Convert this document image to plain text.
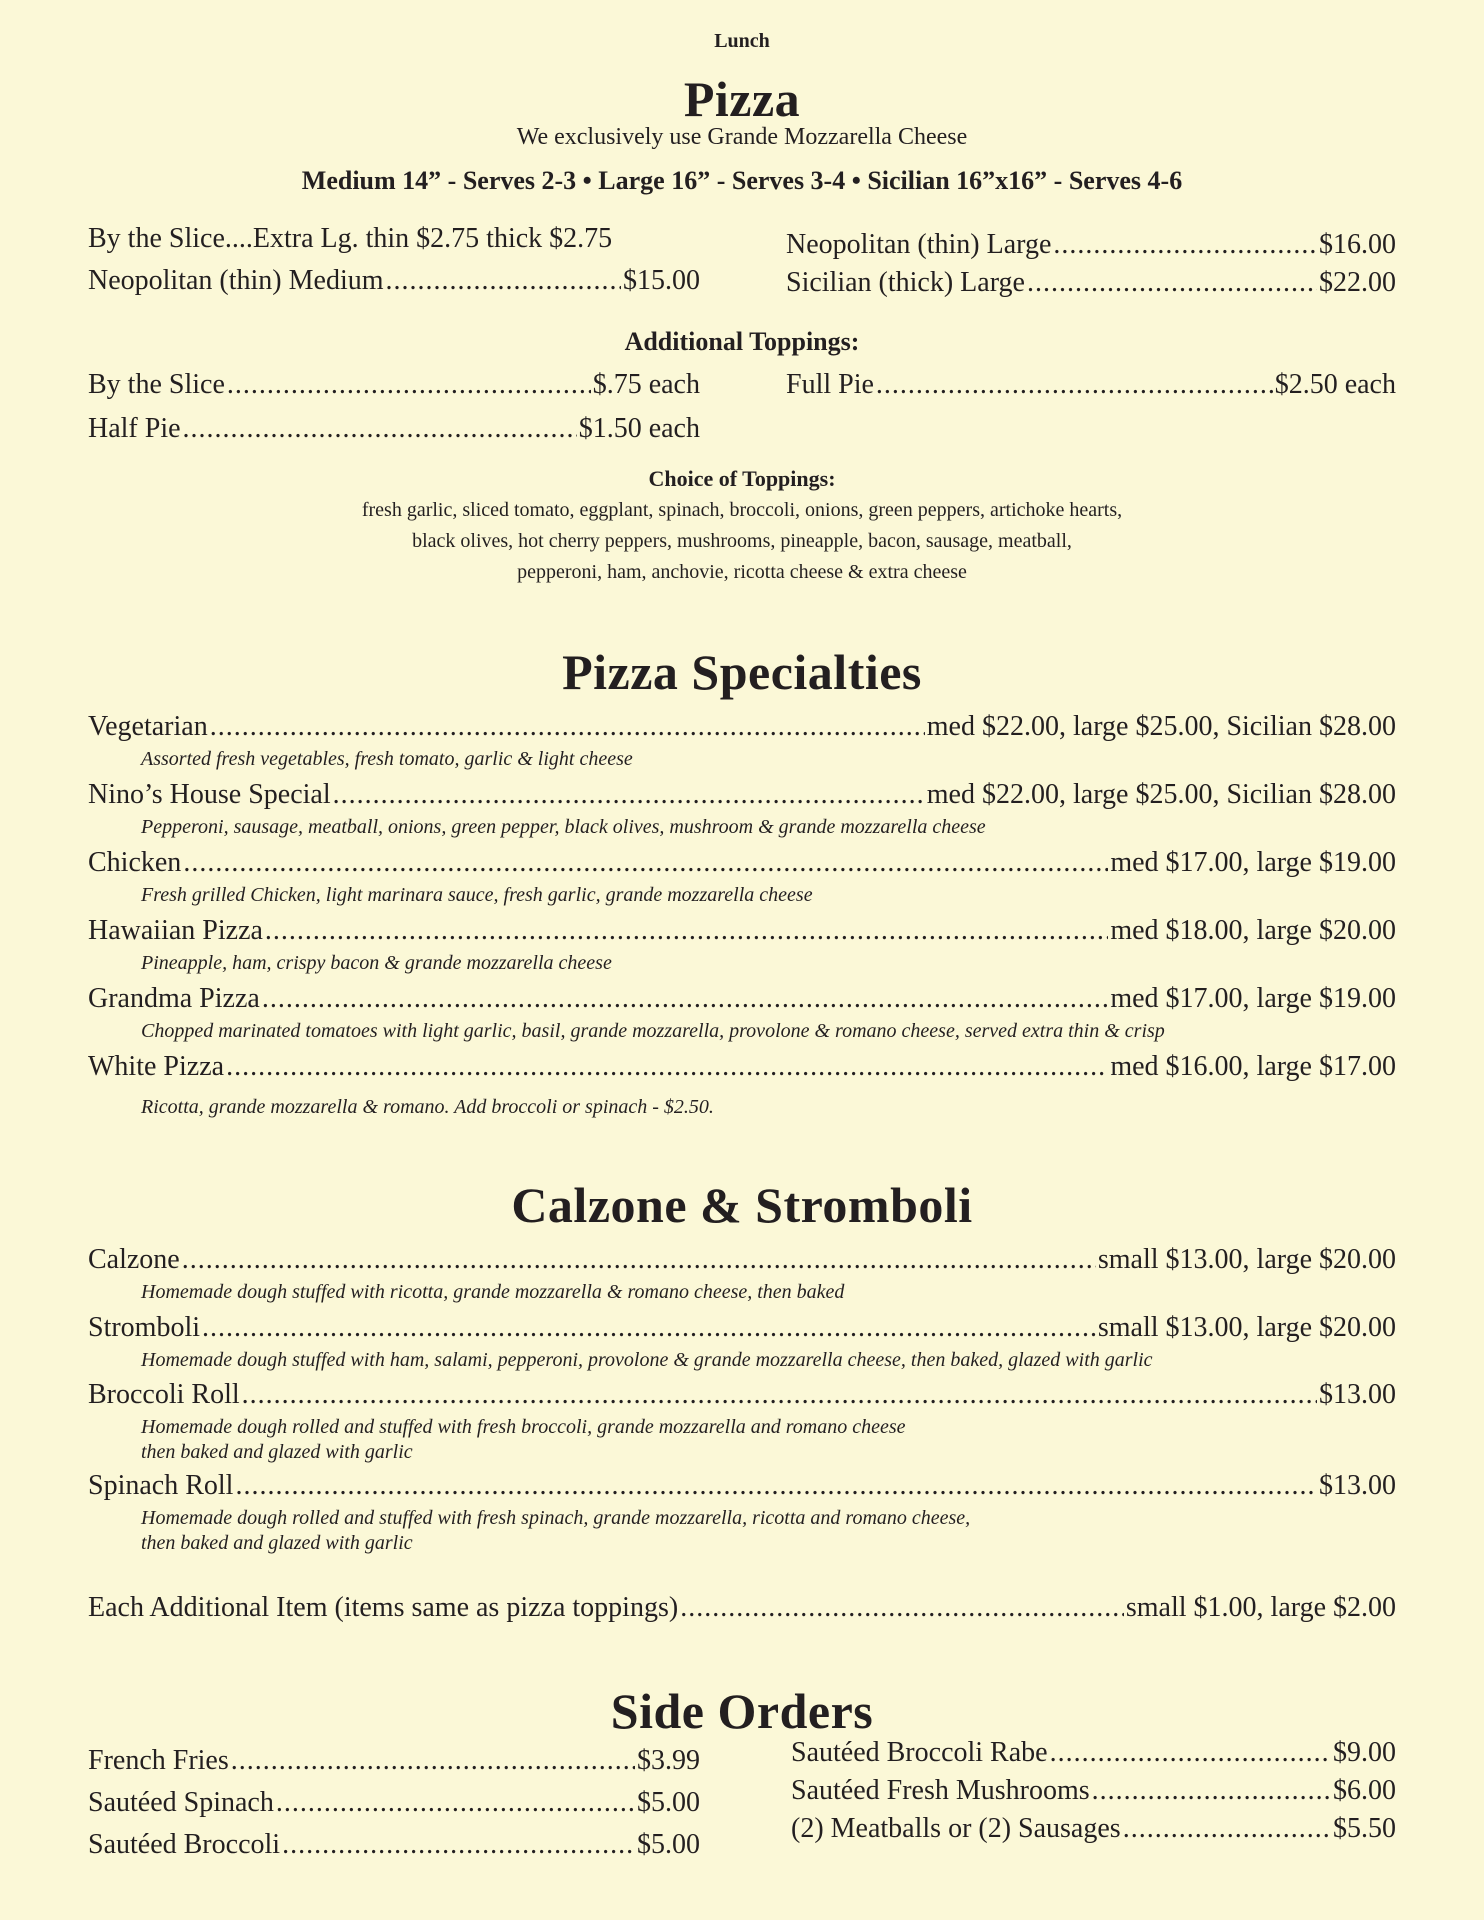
Lunch
Pizza
We exclusively use Grande Mozzarella Cheese
Medium 14” - Serves 2-3 • Large 16” - Serves 3-4 • Sicilian 16”x16” - Serves 4-6
By the Slice....Extra Lg. thin $2.75 thick $2.75
Neopolitan (thin) Medium .....	$15.00
Neopolitan (thin) Large .....	$16.00
Sicilian (thick) Large .....	$22.00
Additional Toppings:
By the Slice .....	$.75 each
Half Pie .....	$1.50 each
Full Pie .....	$2.50 each
Choice of Toppings:
fresh garlic, sliced tomato, eggplant, spinach, broccoli, onions, green peppers, artichoke hearts,
black olives, hot cherry peppers, mushrooms, pineapple, bacon, sausage, meatball,
pepperoni, ham, anchovie, ricotta cheese & extra cheese
Pizza Specialties
Vegetarian .....	med $22.00, large $25.00, Sicilian $28.00
Assorted fresh vegetables, fresh tomato, garlic & light cheese
Nino’s House Special .....	med $22.00, large $25.00, Sicilian $28.00
Pepperoni, sausage, meatball, onions, green pepper, black olives, mushroom & grande mozzarella cheese
Chicken .....	med $17.00, large $19.00
Fresh grilled Chicken, light marinara sauce, fresh garlic, grande mozzarella cheese
Hawaiian Pizza .....	med $18.00, large $20.00
Pineapple, ham, crispy bacon & grande mozzarella cheese
Grandma Pizza .....	med $17.00, large $19.00
Chopped marinated tomatoes with light garlic, basil, grande mozzarella, provolone & romano cheese, served extra thin & crisp
White Pizza .....	med $16.00, large $17.00
Ricotta, grande mozzarella & romano. Add broccoli or spinach - $2.50.
Calzone & Stromboli
Calzone .....	small $13.00, large $20.00
Homemade dough stuffed with ricotta, grande mozzarella & romano cheese, then baked
Stromboli .....	small $13.00, large $20.00
Homemade dough stuffed with ham, salami, pepperoni, provolone & grande mozzarella cheese, then baked, glazed with garlic
Broccoli Roll .....	$13.00
Homemade dough rolled and stuffed with fresh broccoli, grande mozzarella and romano cheese
then baked and glazed with garlic
Spinach Roll .....	$13.00
Homemade dough rolled and stuffed with fresh spinach, grande mozzarella, ricotta and romano cheese,
then baked and glazed with garlic
Each Additional Item (items same as pizza toppings) .....	small $1.00, large $2.00
Side Orders
French Fries .....	$3.99
Sautéed Spinach .....	$5.00
Sautéed Broccoli .....	$5.00
Sautéed Broccoli Rabe .....	$9.00
Sautéed Fresh Mushrooms .....	$6.00
(2) Meatballs or (2) Sausages .....	$5.50
